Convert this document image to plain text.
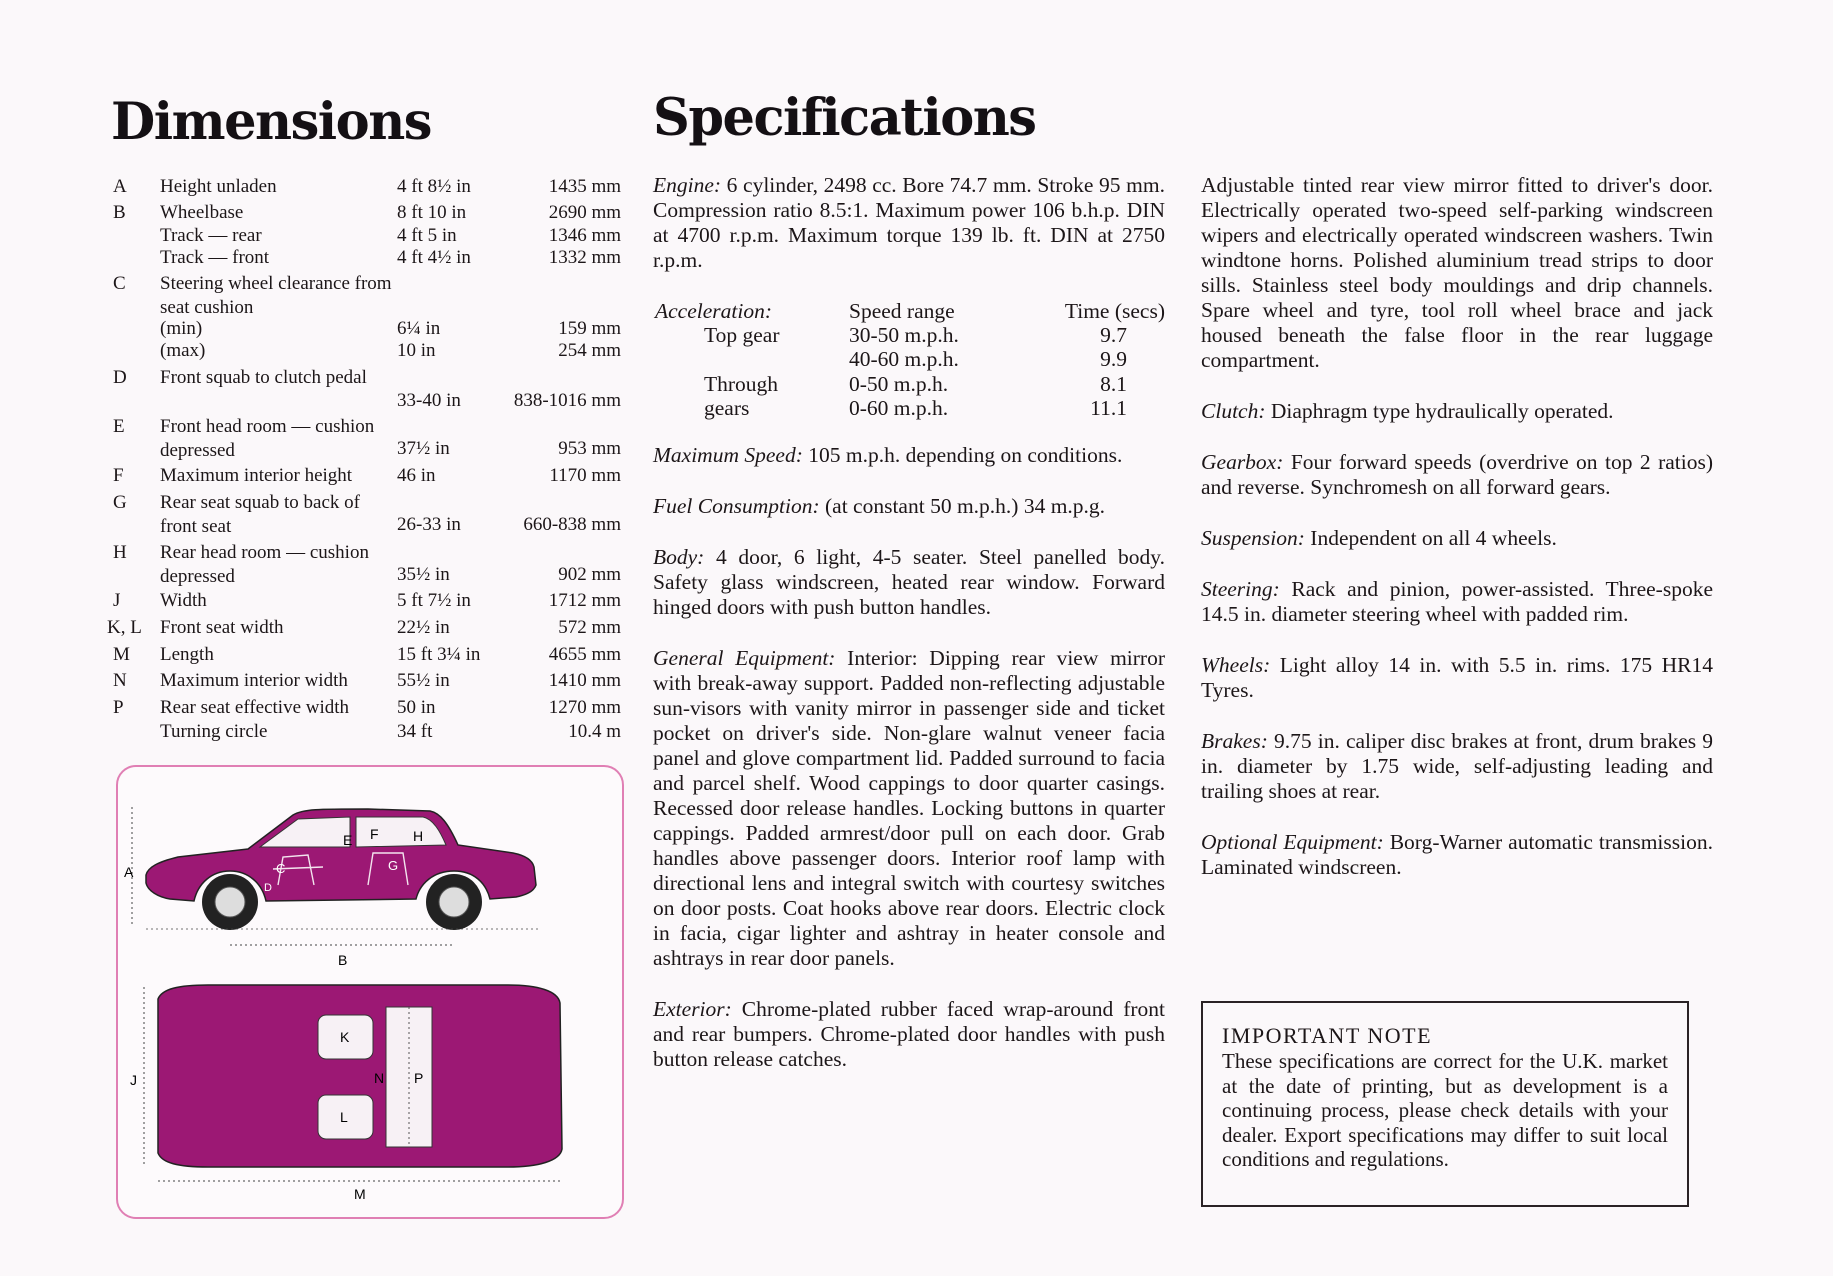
Dimensions	Specifications
A Height unladen	4 ft 8½ in	1435 mm
B Wheelbase	8 ft 10 in	2690 mm
Track — rear	4 ft 5 in	1346 mm
Track — front	4 ft 4½ in	1332 mm
C Steering wheel clearance from seat cushion
(min)	6¼ in	159 mm
(max)	10 in	254 mm
D Front squab to clutch pedal
33-40 in	838-1016 mm
E Front head room — cushion depressed	37½ in	953 mm
F Maximum interior height	46 in	1170 mm
G Rear seat squab to back of front seat	26-33 in	660-838 mm
H Rear head room — cushion depressed	35½ in	902 mm
J Width	5 ft 7½ in	1712 mm
K, L Front seat width	22½ in	572 mm
M Length	15 ft 3¼ in	4655 mm
N Maximum interior width	55½ in	1410 mm
P Rear seat effective width	50 in	1270 mm
Turning circle	34 ft	10.4 m
A
B
C
D
E F H
G
J
K
L
N P
M

Engine: 6 cylinder, 2498 cc. Bore 74.7 mm. Stroke 95 mm. Compression ratio 8.5:1. Maximum power 106 b.h.p. DIN at 4700 r.p.m. Maximum torque 139 lb. ft. DIN at 2750 r.p.m.

Acceleration:	Speed range	Time (secs)
Top gear	30-50 m.p.h.	9.7
40-60 m.p.h.	9.9
Through	0-50 m.p.h.	8.1
gears	0-60 m.p.h.	11.1

Maximum Speed: 105 m.p.h. depending on conditions.

Fuel Consumption: (at constant 50 m.p.h.) 34 m.p.g.

Body: 4 door, 6 light, 4-5 seater. Steel panelled body. Safety glass windscreen, heated rear window. Forward hinged doors with push button handles.

General Equipment: Interior: Dipping rear view mirror with break-away support. Padded non-reflecting adjustable sun-visors with vanity mirror in passenger side and ticket pocket on driver's side. Non-glare walnut veneer facia panel and glove compartment lid. Padded surround to facia and parcel shelf. Wood cappings to door quarter casings. Recessed door release handles. Locking buttons in quarter cappings. Padded armrest/door pull on each door. Grab handles above passenger doors. Interior roof lamp with directional lens and integral switch with courtesy switches on door posts. Coat hooks above rear doors. Electric clock in facia, cigar lighter and ashtray in heater console and ashtrays in rear door panels.

Exterior: Chrome-plated rubber faced wrap-around front and rear bumpers. Chrome-plated door handles with push button release catches.

Adjustable tinted rear view mirror fitted to driver's door. Electrically operated two-speed self-parking windscreen wipers and electrically operated windscreen washers. Twin windtone horns. Polished aluminium tread strips to door sills. Stainless steel body mouldings and drip channels. Spare wheel and tyre, tool roll wheel brace and jack housed beneath the false floor in the rear luggage compartment.

Clutch: Diaphragm type hydraulically operated.

Gearbox: Four forward speeds (overdrive on top 2 ratios) and reverse. Synchromesh on all forward gears.

Suspension: Independent on all 4 wheels.

Steering: Rack and pinion, power-assisted. Three-spoke 14.5 in. diameter steering wheel with padded rim.

Wheels: Light alloy 14 in. with 5.5 in. rims. 175 HR14 Tyres.

Brakes: 9.75 in. caliper disc brakes at front, drum brakes 9 in. diameter by 1.75 wide, self-adjusting leading and trailing shoes at rear.

Optional Equipment: Borg-Warner automatic transmission. Laminated windscreen.

IMPORTANT NOTE
These specifications are correct for the U.K. market at the date of printing, but as development is a continuing process, please check details with your dealer. Export specifications may differ to suit local conditions and regulations.
